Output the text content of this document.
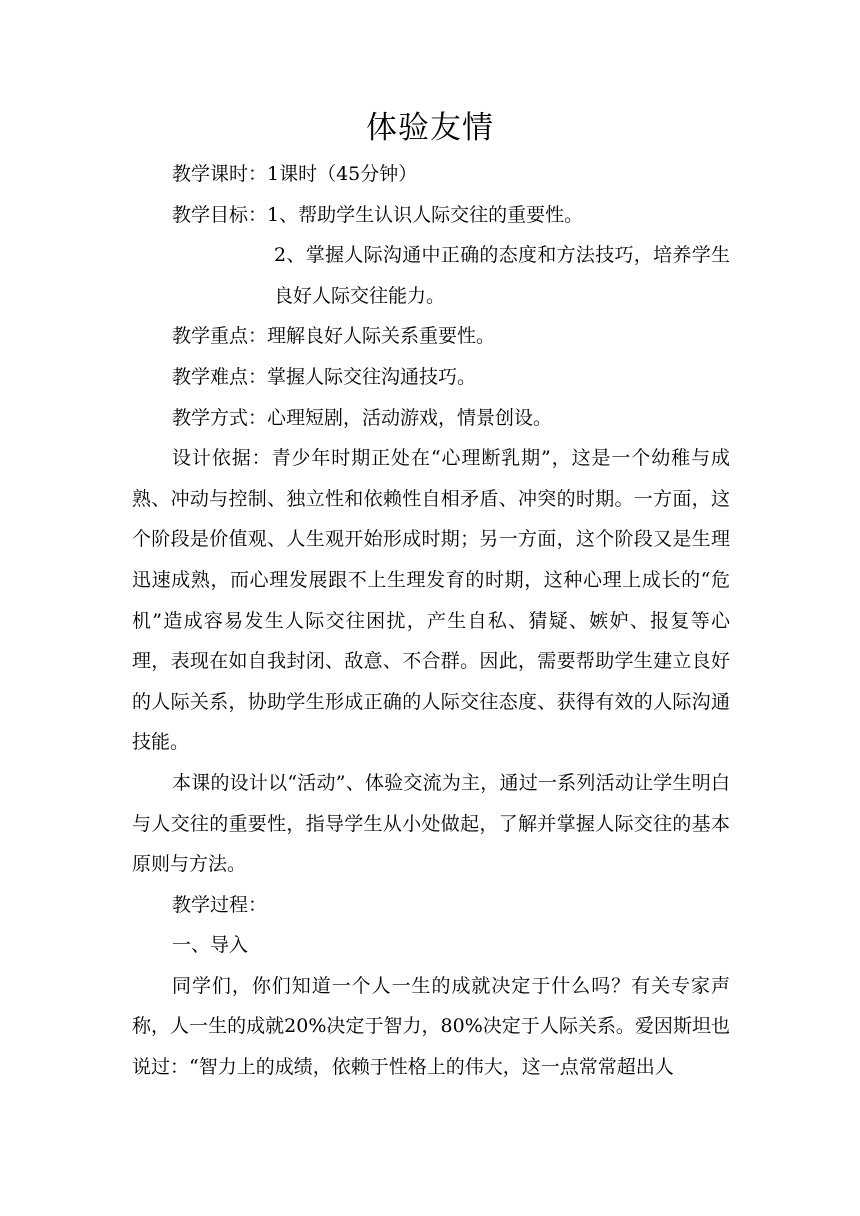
体验友情

教学课时：1课时（45分钟）

教学目标：1、帮助学生认识人际交往的重要性。

2、掌握人际沟通中正确的态度和方法技巧，培养学生良好人际交往能力。

教学重点：理解良好人际关系重要性。

教学难点：掌握人际交往沟通技巧。

教学方式：心理短剧，活动游戏，情景创设。

设计依据：青少年时期正处在“心理断乳期”，这是一个幼稚与成熟、冲动与控制、独立性和依赖性自相矛盾、冲突的时期。一方面，这个阶段是价值观、人生观开始形成时期；另一方面，这个阶段又是生理迅速成熟，而心理发展跟不上生理发育的时期，这种心理上成长的“危机”造成容易发生人际交往困扰，产生自私、猜疑、嫉妒、报复等心理，表现在如自我封闭、敌意、不合群。因此，需要帮助学生建立良好的人际关系，协助学生形成正确的人际交往态度、获得有效的人际沟通技能。

本课的设计以“活动”、体验交流为主，通过一系列活动让学生明白与人交往的重要性，指导学生从小处做起，了解并掌握人际交往的基本原则与方法。

教学过程：

一、导入

同学们，你们知道一个人一生的成就决定于什么吗？有关专家声称，人一生的成就20%决定于智力，80%决定于人际关系。爱因斯坦也说过：“智力上的成绩，依赖于性格上的伟大，这一点常常超出人
